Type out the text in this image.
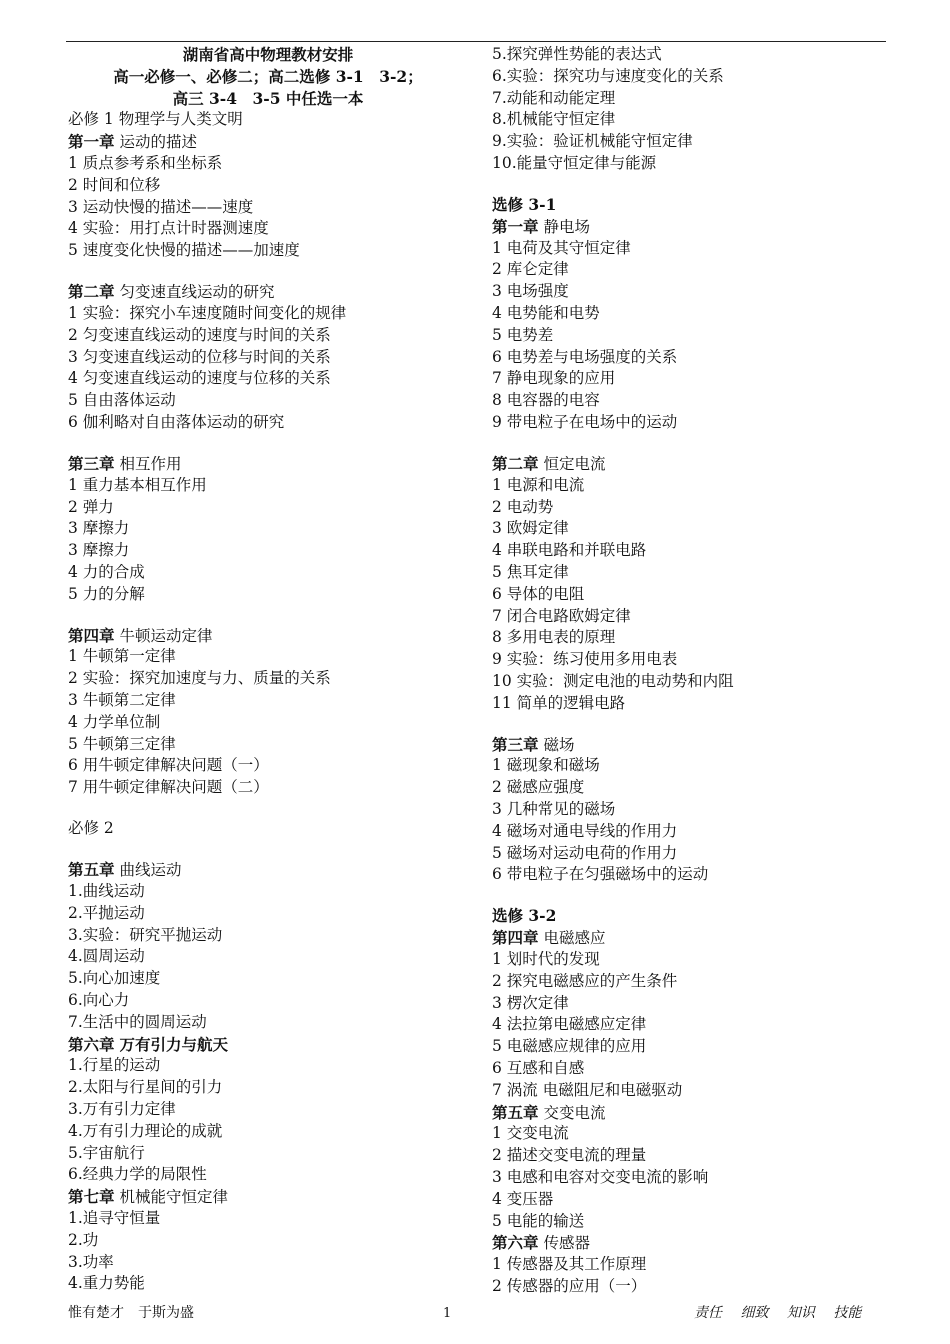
湖南省高中物理教材安排
高一必修一、必修二；高二选修 3-1　3-2；
高三 3-4　3-5 中任选一本
必修 1 物理学与人类文明
第一章 运动的描述
1 质点参考系和坐标系
2 时间和位移
3 运动快慢的描述——速度
4 实验：用打点计时器测速度
5 速度变化快慢的描述——加速度
第二章 匀变速直线运动的研究
1 实验：探究小车速度随时间变化的规律
2 匀变速直线运动的速度与时间的关系
3 匀变速直线运动的位移与时间的关系
4 匀变速直线运动的速度与位移的关系
5 自由落体运动
6 伽利略对自由落体运动的研究
第三章 相互作用
1 重力基本相互作用
2 弹力
3 摩擦力
3 摩擦力
4 力的合成
5 力的分解
第四章 牛顿运动定律
1 牛顿第一定律
2 实验：探究加速度与力、质量的关系
3 牛顿第二定律
4 力学单位制
5 牛顿第三定律
6 用牛顿定律解决问题（一）
7 用牛顿定律解决问题（二）
必修 2
第五章 曲线运动
1.曲线运动
2.平抛运动
3.实验：研究平抛运动
4.圆周运动
5.向心加速度
6.向心力
7.生活中的圆周运动
第六章 万有引力与航天
1.行星的运动
2.太阳与行星间的引力
3.万有引力定律
4.万有引力理论的成就
5.宇宙航行
6.经典力学的局限性
第七章 机械能守恒定律
1.追寻守恒量
2.功
3.功率
4.重力势能
5.探究弹性势能的表达式
6.实验：探究功与速度变化的关系
7.动能和动能定理
8.机械能守恒定律
9.实验：验证机械能守恒定律
10.能量守恒定律与能源
选修 3-1
第一章 静电场
1 电荷及其守恒定律
2 库仑定律
3 电场强度
4 电势能和电势
5 电势差
6 电势差与电场强度的关系
7 静电现象的应用
8 电容器的电容
9 带电粒子在电场中的运动
第二章 恒定电流
1 电源和电流
2 电动势
3 欧姆定律
4 串联电路和并联电路
5 焦耳定律
6 导体的电阻
7 闭合电路欧姆定律
8 多用电表的原理
9 实验：练习使用多用电表
10 实验：测定电池的电动势和内阻
11 简单的逻辑电路
第三章 磁场
1 磁现象和磁场
2 磁感应强度
3 几种常见的磁场
4 磁场对通电导线的作用力
5 磁场对运动电荷的作用力
6 带电粒子在匀强磁场中的运动
选修 3-2
第四章 电磁感应
1 划时代的发现
2 探究电磁感应的产生条件
3 楞次定律
4 法拉第电磁感应定律
5 电磁感应规律的应用
6 互感和自感
7 涡流 电磁阻尼和电磁驱动
第五章 交变电流
1 交变电流
2 描述交变电流的理量
3 电感和电容对交变电流的影响
4 变压器
5 电能的输送
第六章 传感器
1 传感器及其工作原理
2 传感器的应用（一）
惟有楚才　于斯为盛	1	责任 细致 知识 技能
